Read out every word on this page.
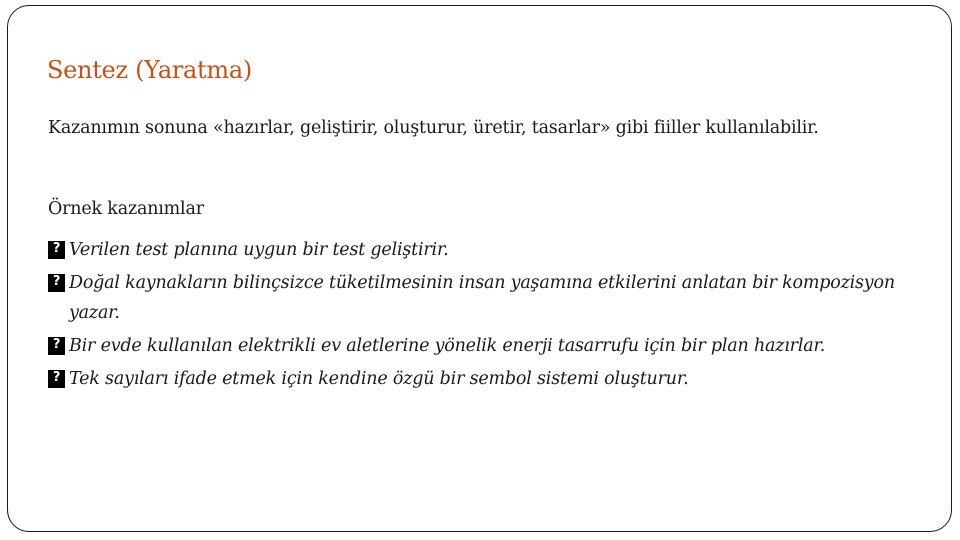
Sentez (Yaratma)
Kazanımın sonuna «hazırlar, geliştirir, oluşturur, üretir, tasarlar» gibi fiiller kullanılabilir.
Örnek kazanımlar
?
Verilen test planına uygun bir test geliştirir.
?
Doğal kaynakların bilinçsizce tüketilmesinin insan yaşamına etkilerini anlatan bir kompozisyon yazar.
?
Bir evde kullanılan elektrikli ev aletlerine yönelik enerji tasarrufu için bir plan hazırlar.
?
Tek sayıları ifade etmek için kendine özgü bir sembol sistemi oluşturur.
